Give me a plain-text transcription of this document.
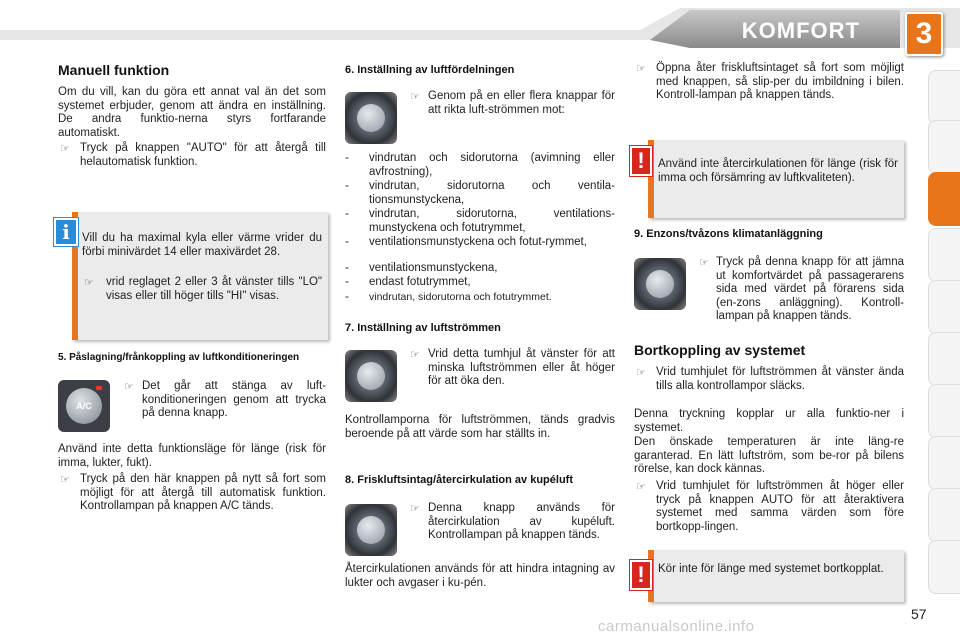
KOMFORT	3
Manuell funktion

Om du vill, kan du göra ett annat val än det som systemet erbjuder, genom att ändra en inställning. De andra funktio-nerna styrs fortfarande automatiskt.

☞ Tryck på knappen "AUTO" för att återgå till helautomatisk funktion.

i	Vill du ha maximal kyla eller värme vrider du förbi minivärdet 14 eller maxivärdet 28.

☞ vrid reglaget 2 eller 3 åt vänster tills "LO" visas eller till höger tills "HI" visas.

5. Påslagning/frånkoppling av luftkonditioneringen
A/C
☞ Det går att stänga av luft-konditioneringen genom att trycka på denna knapp.

Använd inte detta funktionsläge för länge (risk för imma, lukter, fukt).

☞ Tryck på den här knappen på nytt så fort som möjligt för att återgå till automatisk funktion. Kontrollampan på knappen A/C tänds.

6. Inställning av luftfördelningen
☞ Genom på en eller flera knappar för att rikta luft-strömmen mot:

- vindrutan och sidorutorna (avimning eller avfrostning),

- vindrutan, sidorutorna och ventila-tionsmunstyckena,

- vindrutan, sidorutorna, ventilations-munstyckena och fotutrymmet,

- ventilationsmunstyckena och fotut-rymmet,

- ventilationsmunstyckena,

- endast fotutrymmet,

- vindrutan, sidorutorna och fotutrymmet.

7. Inställning av luftströmmen
☞ Vrid detta tumhjul åt vänster för att minska luftströmmen eller åt höger för att öka den.

Kontrollamporna för luftströmmen, tänds gradvis beroende på att värde som har ställts in.

8. Friskluftsintag/återcirkulation av kupéluft
☞ Denna knapp används för återcirkulation av kupéluft. Kontrollampan på knappen tänds.

Återcirkulationen används för att hindra intagning av lukter och avgaser i ku-pén.

☞ Öppna åter friskluftsintaget så fort som möjligt med knappen, så slip-per du imbildning i bilen. Kontroll-lampan på knappen tänds.

!	Använd inte återcirkulationen för länge (risk för imma och försämring av luftkvaliteten).

9. Enzons/tvåzons klimatanläggning
☞ Tryck på denna knapp för att jämna ut komfortvärdet på passagerarens sida med värdet på förarens sida (en-zons anläggning). Kontroll-lampan på knappen tänds.

Bortkoppling av systemet
☞ Vrid tumhjulet för luftströmmen åt vänster ända tills alla kontrollampor släcks.

Denna tryckning kopplar ur alla funktio-ner i systemet.

Den önskade temperaturen är inte läng-re garanterad. En lätt luftström, som be-ror på bilens rörelse, kan dock kännas.

☞ Vrid tumhjulet för luftströmmen åt höger eller tryck på knappen AUTO för att återaktivera systemet med samma värden som före bortkopp-lingen.

!	Kör inte för länge med systemet bortkopplat.

57
carmanualsonline.info
